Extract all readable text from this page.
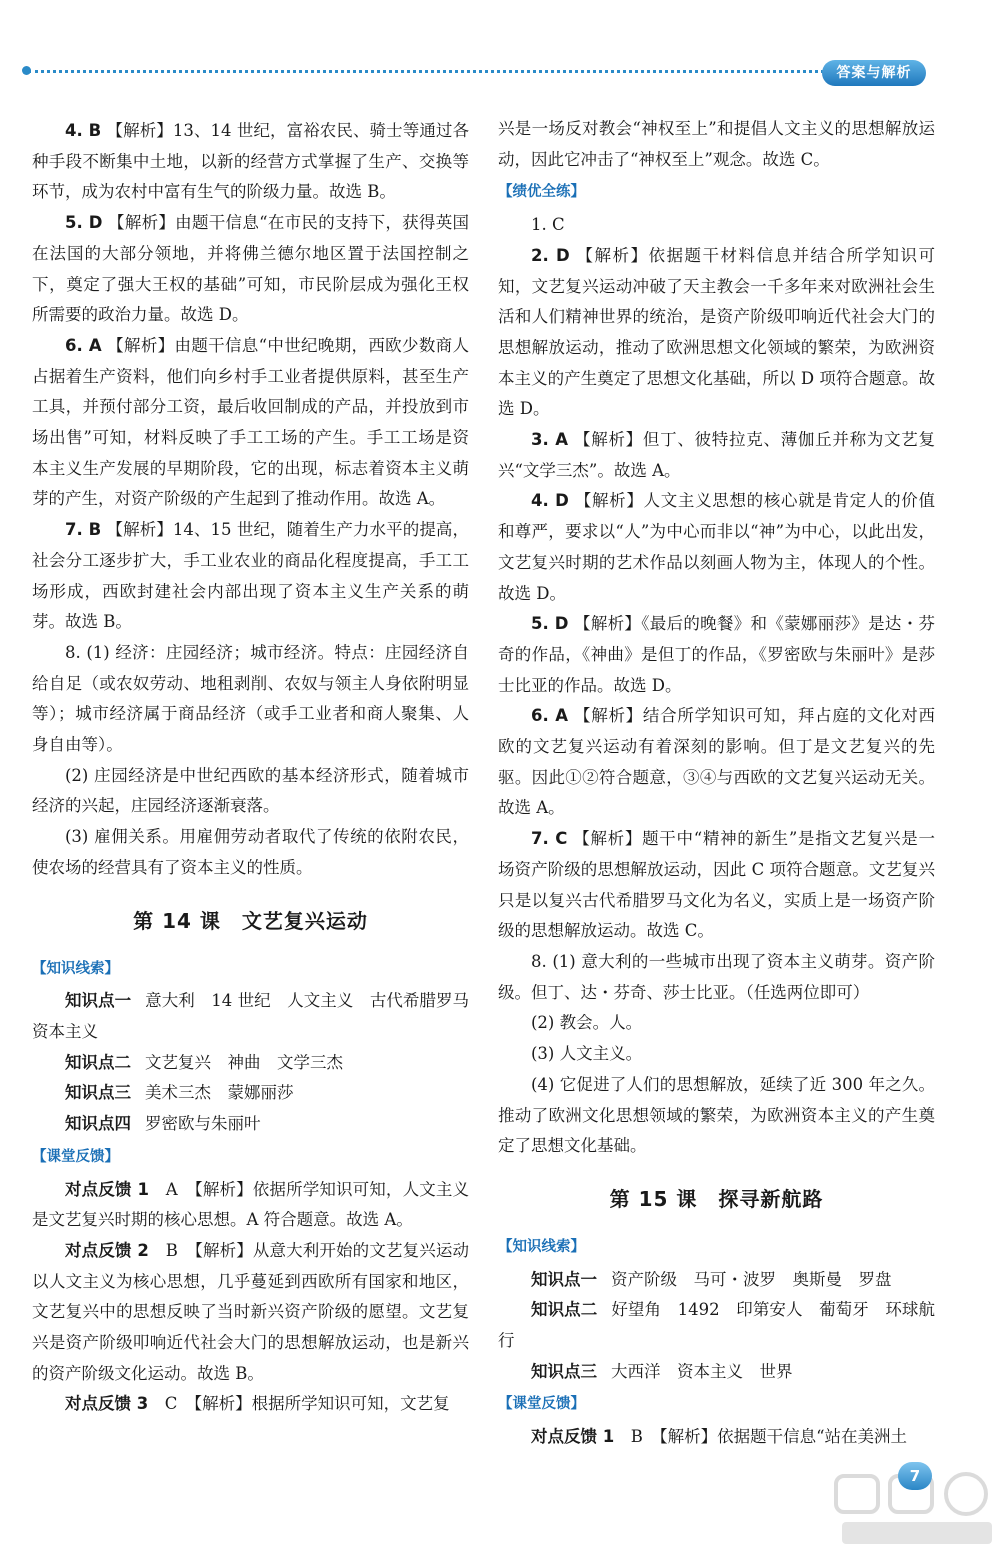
答案与解析

4. B 【解析】13、14 世纪，富裕农民、骑士等通过各种手段不断集中土地，以新的经营方式掌握了生产、交换等环节，成为农村中富有生气的阶级力量。故选 B。

5. D 【解析】由题干信息“在市民的支持下，获得英国在法国的大部分领地，并将佛兰德尔地区置于法国控制之下，奠定了强大王权的基础”可知，市民阶层成为强化王权所需要的政治力量。故选 D。

6. A 【解析】由题干信息“中世纪晚期，西欧少数商人占据着生产资料，他们向乡村手工业者提供原料，甚至生产工具，并预付部分工资，最后收回制成的产品，并投放到市场出售”可知，材料反映了手工工场的产生。手工工场是资本主义生产发展的早期阶段，它的出现，标志着资本主义萌芽的产生，对资产阶级的产生起到了推动作用。故选 A。

7. B 【解析】14、15 世纪，随着生产力水平的提高，社会分工逐步扩大，手工业农业的商品化程度提高，手工工场形成，西欧封建社会内部出现了资本主义生产关系的萌芽。故选 B。

8. (1) 经济：庄园经济；城市经济。特点：庄园经济自给自足（或农奴劳动、地租剥削、农奴与领主人身依附明显等）；城市经济属于商品经济（或手工业者和商人聚集、人身自由等）。

(2) 庄园经济是中世纪西欧的基本经济形式，随着城市经济的兴起，庄园经济逐渐衰落。

(3) 雇佣关系。用雇佣劳动者取代了传统的依附农民，使农场的经营具有了资本主义的性质。

第 14 课　文艺复兴运动

【知识线索】

知识点一 意大利　14 世纪　人文主义　古代希腊罗马　资本主义

知识点二 文艺复兴　神曲　文学三杰

知识点三 美术三杰　蒙娜丽莎

知识点四 罗密欧与朱丽叶

【课堂反馈】

对点反馈 1　 A　【解析】依据所学知识可知，人文主义是文艺复兴时期的核心思想。A 符合题意。故选 A。

对点反馈 2　 B　【解析】从意大利开始的文艺复兴运动以人文主义为核心思想，几乎蔓延到西欧所有国家和地区，文艺复兴中的思想反映了当时新兴资产阶级的愿望。文艺复兴是资产阶级叩响近代社会大门的思想解放运动，也是新兴的资产阶级文化运动。故选 B。

对点反馈 3　 C　【解析】根据所学知识可知，文艺复

兴是一场反对教会“神权至上”和提倡人文主义的思想解放运动，因此它冲击了“神权至上”观念。故选 C。

【绩优全练】

1. C

2. D 【解析】依据题干材料信息并结合所学知识可知，文艺复兴运动冲破了天主教会一千多年来对欧洲社会生活和人们精神世界的统治，是资产阶级叩响近代社会大门的思想解放运动，推动了欧洲思想文化领域的繁荣，为欧洲资本主义的产生奠定了思想文化基础，所以 D 项符合题意。故选 D。

3. A 【解析】但丁、彼特拉克、薄伽丘并称为文艺复兴“文学三杰”。故选 A。

4. D 【解析】人文主义思想的核心就是肯定人的价值和尊严，要求以“人”为中心而非以“神”为中心，以此出发，文艺复兴时期的艺术作品以刻画人物为主，体现人的个性。故选 D。

5. D 【解析】《最后的晚餐》和《蒙娜丽莎》是达・芬奇的作品，《神曲》是但丁的作品，《罗密欧与朱丽叶》是莎士比亚的作品。故选 D。

6. A 【解析】结合所学知识可知，拜占庭的文化对西欧的文艺复兴运动有着深刻的影响。但丁是文艺复兴的先驱。因此①②符合题意，③④与西欧的文艺复兴运动无关。故选 A。

7. C 【解析】题干中“精神的新生”是指文艺复兴是一场资产阶级的思想解放运动，因此 C 项符合题意。文艺复兴只是以复兴古代希腊罗马文化为名义，实质上是一场资产阶级的思想解放运动。故选 C。

8. (1) 意大利的一些城市出现了资本主义萌芽。资产阶级。但丁、达・芬奇、莎士比亚。（任选两位即可）

(2) 教会。人。

(3) 人文主义。

(4) 它促进了人们的思想解放，延续了近 300 年之久。推动了欧洲文化思想领域的繁荣，为欧洲资本主义的产生奠定了思想文化基础。

第 15 课　探寻新航路

【知识线索】

知识点一 资产阶级　马可・波罗　奥斯曼　罗盘

知识点二 好望角　1492　印第安人　葡萄牙　环球航行

知识点三 大西洋　资本主义　世界

【课堂反馈】

对点反馈 1　 B　【解析】依据题干信息“站在美洲土

7
